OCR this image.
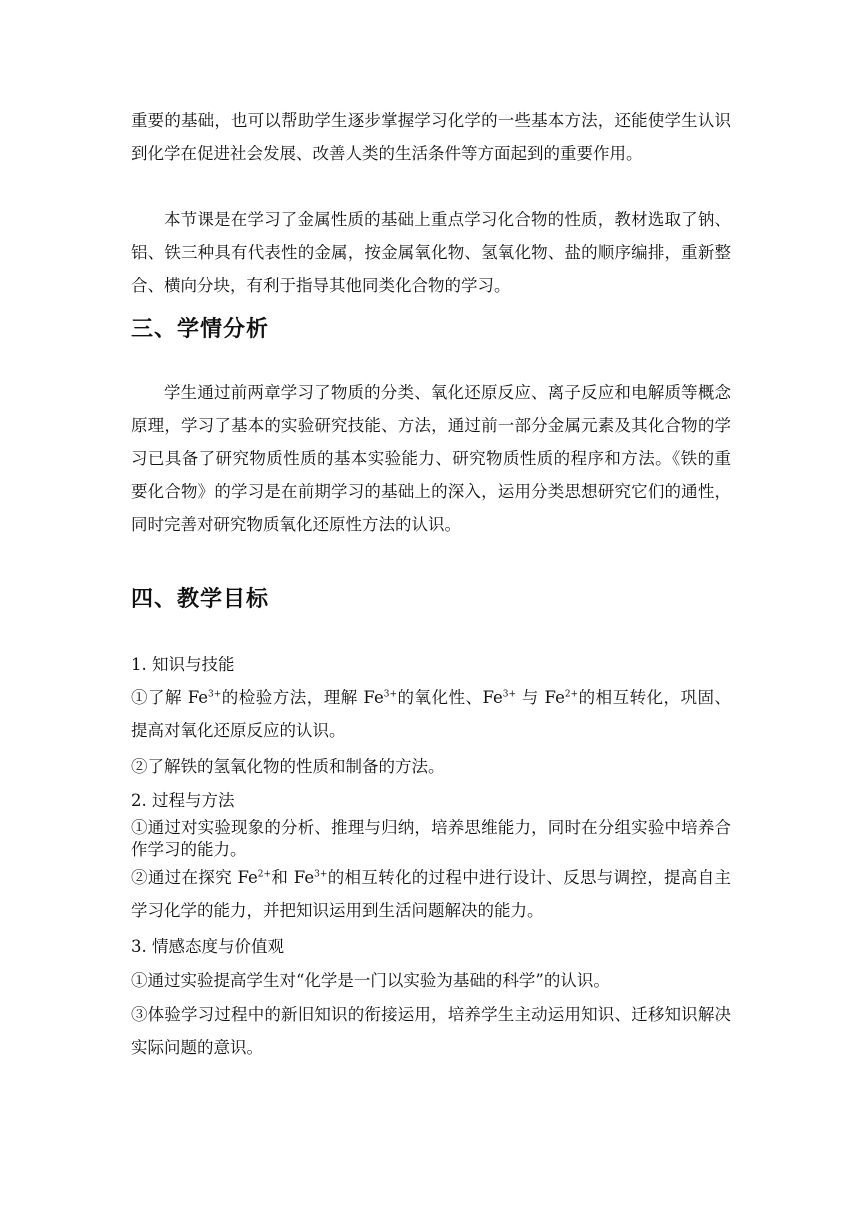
重要的基础，也可以帮助学生逐步掌握学习化学的一些基本方法，还能使学生认识到化学在促进社会发展、改善人类的生活条件等方面起到的重要作用。

本节课是在学习了金属性质的基础上重点学习化合物的性质，教材选取了钠、铝、铁三种具有代表性的金属，按金属氧化物、氢氧化物、盐的顺序编排，重新整合、横向分块，有利于指导其他同类化合物的学习。

三、学情分析

学生通过前两章学习了物质的分类、氧化还原反应、离子反应和电解质等概念原理，学习了基本的实验研究技能、方法，通过前一部分金属元素及其化合物的学习已具备了研究物质性质的基本实验能力、研究物质性质的程序和方法。《铁的重要化合物》的学习是在前期学习的基础上的深入，运用分类思想研究它们的通性，同时完善对研究物质氧化还原性方法的认识。

四、教学目标

1. 知识与技能

①了解 $Fe^{3+}$的检验方法，理解 $Fe^{3+}$的氧化性、$Fe^{3+}$ 与 $Fe^{2+}$的相互转化，巩固、提高对氧化还原反应的认识。

②了解铁的氢氧化物的性质和制备的方法。

2. 过程与方法

①通过对实验现象的分析、推理与归纳，培养思维能力，同时在分组实验中培养合作学习的能力。

②通过在探究 $Fe^{2+}$和 $Fe^{3+}$的相互转化的过程中进行设计、反思与调控，提高自主学习化学的能力，并把知识运用到生活问题解决的能力。

3. 情感态度与价值观

①通过实验提高学生对“化学是一门以实验为基础的科学”的认识。

③体验学习过程中的新旧知识的衔接运用，培养学生主动运用知识、迁移知识解决实际问题的意识。
